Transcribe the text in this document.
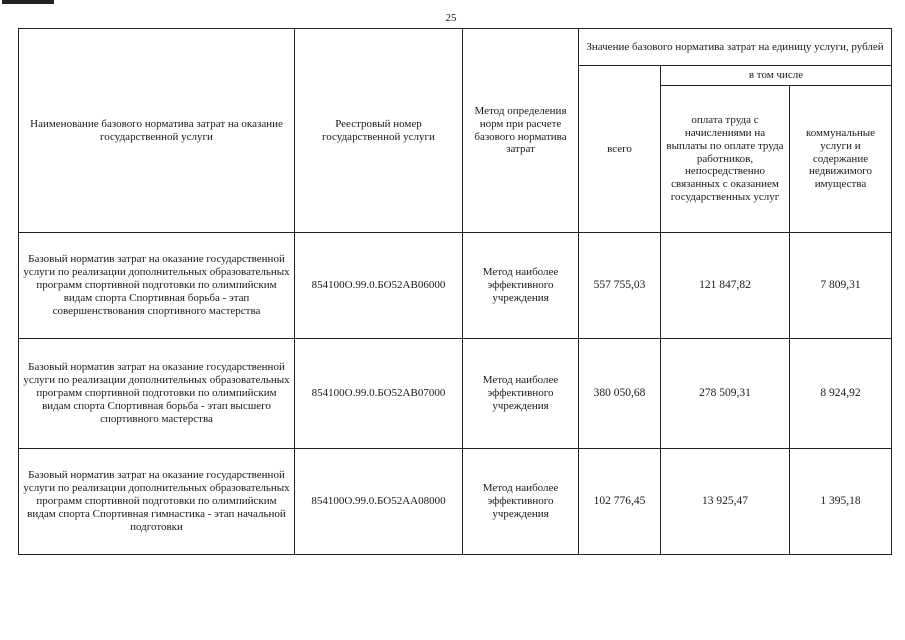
25
Наименование базового норматива затрат на оказание государственной услуги	Реестровый номер государственной услуги	Метод определения норм при расчете базового норматива затрат	Значение базового норматива затрат на единицу услуги, рублей		
			всего	в том числе	
				оплата труда с начислениями на выплаты по оплате труда работников, непосредственно связанных с оказанием государственных услуг	коммунальные услуги и содержание недвижимого имущества
Базовый норматив затрат на оказание государственной услуги по реализации дополнительных образовательных программ спортивной подготовки по олимпийским видам спорта Спортивная борьба - этап совершенствования спортивного мастерства	854100О.99.0.БО52АВ06000	Метод наиболее эффективного учреждения	557 755,03	121 847,82	7 809,31
Базовый норматив затрат на оказание государственной услуги по реализации дополнительных образовательных программ спортивной подготовки по олимпийским видам спорта Спортивная борьба - этап высшего спортивного мастерства	854100О.99.0.БО52АВ07000	Метод наиболее эффективного учреждения	380 050,68	278 509,31	8 924,92
Базовый норматив затрат на оказание государственной услуги по реализации дополнительных образовательных программ спортивной подготовки по олимпийским видам спорта Спортивная гимнастика - этап начальной подготовки	854100О.99.0.БО52АА08000	Метод наиболее эффективного учреждения	102 776,45	13 925,47	1 395,18
